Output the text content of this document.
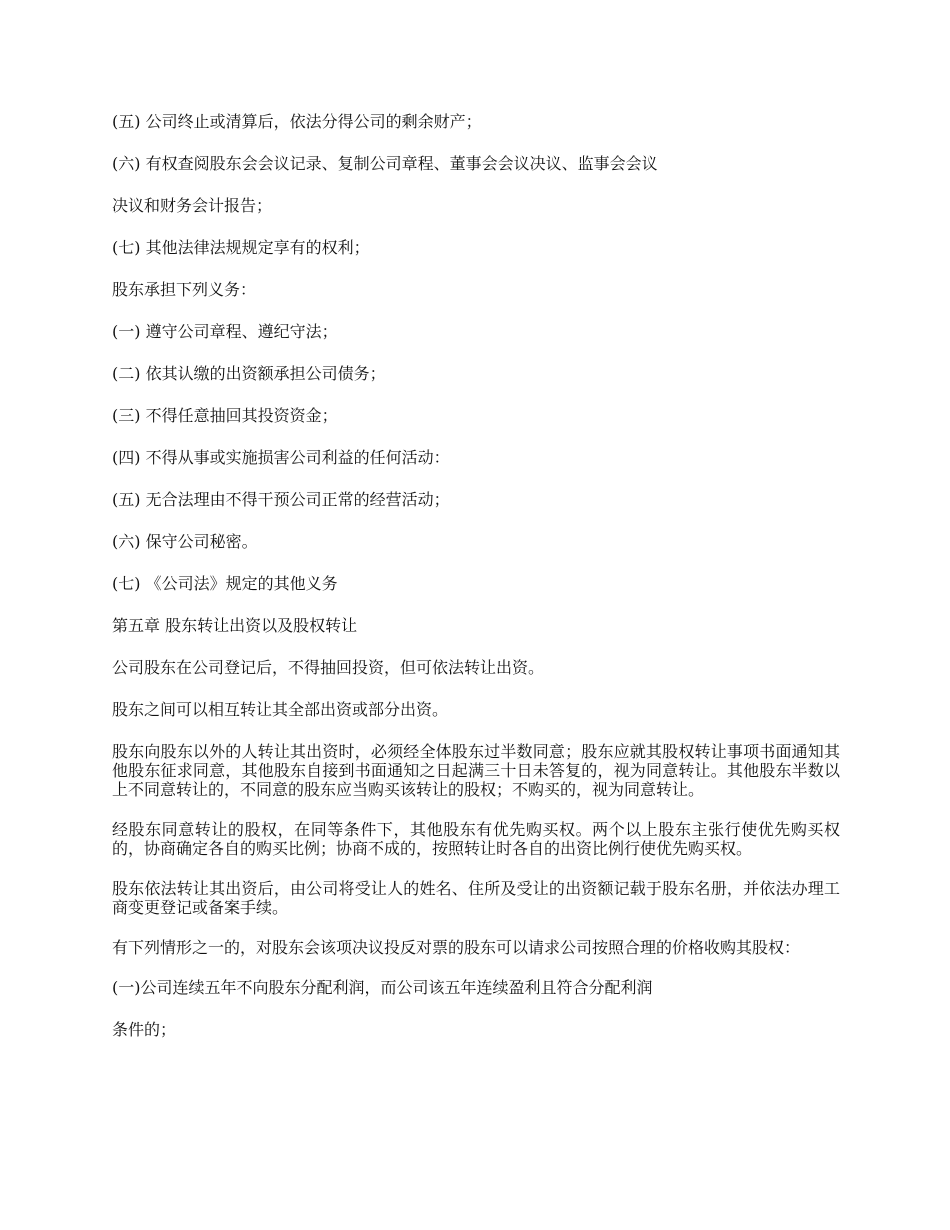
(五) 公司终止或清算后，依法分得公司的剩余财产；

(六) 有权查阅股东会会议记录、复制公司章程、董事会会议决议、监事会会议

决议和财务会计报告；

(七) 其他法律法规规定享有的权利；

股东承担下列义务：

(一) 遵守公司章程、遵纪守法；

(二) 依其认缴的出资额承担公司债务；

(三) 不得任意抽回其投资资金；

(四) 不得从事或实施损害公司利益的任何活动：

(五) 无合法理由不得干预公司正常的经营活动；

(六) 保守公司秘密。

(七) 《公司法》规定的其他义务

第五章 股东转让出资以及股权转让

公司股东在公司登记后，不得抽回投资，但可依法转让出资。

股东之间可以相互转让其全部出资或部分出资。

股东向股东以外的人转让其出资时，必须经全体股东过半数同意；股东应就其股权转让事项书面通知其他股东征求同意，其他股东自接到书面通知之日起满三十日未答复的，视为同意转让。其他股东半数以上不同意转让的，不同意的股东应当购买该转让的股权；不购买的，视为同意转让。

经股东同意转让的股权，在同等条件下，其他股东有优先购买权。两个以上股东主张行使优先购买权的，协商确定各自的购买比例；协商不成的，按照转让时各自的出资比例行使优先购买权。

股东依法转让其出资后，由公司将受让人的姓名、住所及受让的出资额记载于股东名册，并依法办理工商变更登记或备案手续。

有下列情形之一的，对股东会该项决议投反对票的股东可以请求公司按照合理的价格收购其股权：

(一)公司连续五年不向股东分配利润，而公司该五年连续盈利且符合分配利润

条件的；
